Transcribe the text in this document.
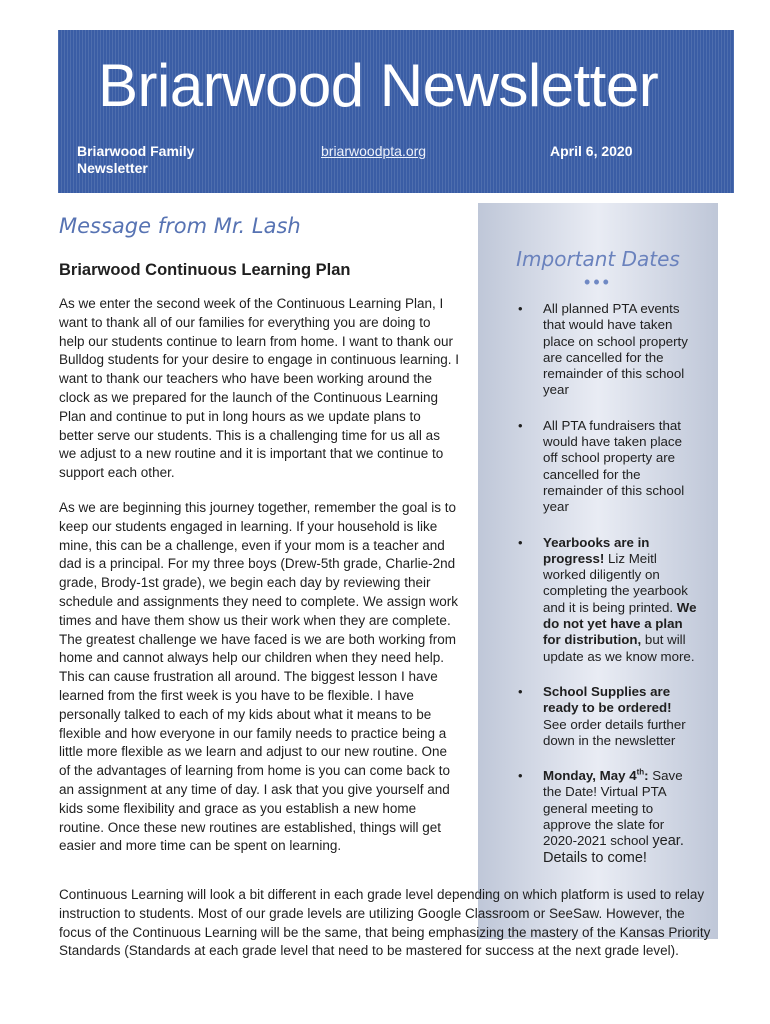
Briarwood Newsletter
Briarwood Family Newsletter
briarwoodpta.org	April 6, 2020
Message from Mr. Lash
Briarwood Continuous Learning Plan

As we enter the second week of the Continuous Learning Plan, I want to thank all of our families for everything you are doing to help our students continue to learn from home. I want to thank our Bulldog students for your desire to engage in continuous learning. I want to thank our teachers who have been working around the clock as we prepared for the launch of the Continuous Learning Plan and continue to put in long hours as we update plans to better serve our students. This is a challenging time for us all as we adjust to a new routine and it is important that we continue to support each other.

As we are beginning this journey together, remember the goal is to keep our students engaged in learning. If your household is like mine, this can be a challenge, even if your mom is a teacher and dad is a principal. For my three boys (Drew-5th grade, Charlie-2nd grade, Brody-1st grade), we begin each day by reviewing their schedule and assignments they need to complete. We assign work times and have them show us their work when they are complete. The greatest challenge we have faced is we are both working from home and cannot always help our children when they need help. This can cause frustration all around. The biggest lesson I have learned from the first week is you have to be flexible. I have personally talked to each of my kids about what it means to be flexible and how everyone in our family needs to practice being a little more flexible as we learn and adjust to our new routine. One of the advantages of learning from home is you can come back to an assignment at any time of day. I ask that you give yourself and kids some flexibility and grace as you establish a new home routine. Once these new routines are established, things will get easier and more time can be spent on learning.

Important Dates
•••
• All planned PTA events that would have taken place on school property are cancelled for the remainder of this school year
• All PTA fundraisers that would have taken place off school property are cancelled for the remainder of this school year
• Yearbooks are in progress! Liz Meitl worked diligently on completing the yearbook and it is being printed. We do not yet have a plan for distribution, but will update as we know more.
• School Supplies are ready to be ordered! See order details further down in the newsletter
• Monday, May 4th: Save the Date! Virtual PTA general meeting to approve the slate for 2020-2021 school year. Details to come!

Continuous Learning will look a bit different in each grade level depending on which platform is used to relay instruction to students. Most of our grade levels are utilizing Google Classroom or SeeSaw. However, the focus of the Continuous Learning will be the same, that being emphasizing the mastery of the Kansas Priority Standards (Standards at each grade level that need to be mastered for success at the next grade level).
